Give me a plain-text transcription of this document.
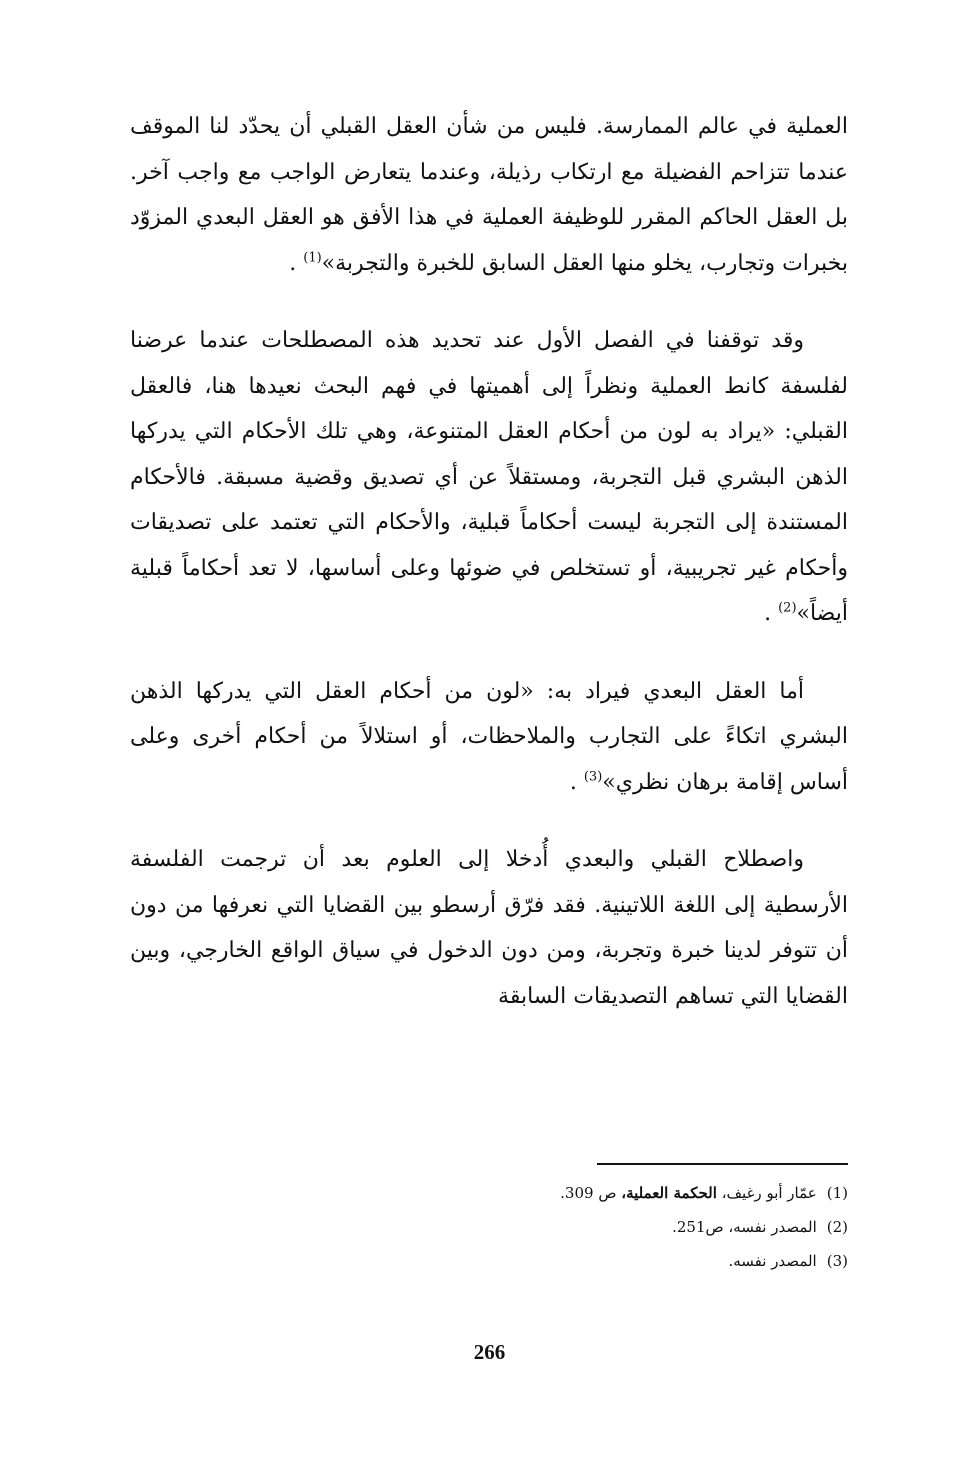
العملية في عالم الممارسة. فليس من شأن العقل القبلي أن يحدّد لنا الموقف عندما تتزاحم الفضيلة مع ارتكاب رذيلة، وعندما يتعارض الواجب مع واجب آخر. بل العقل الحاكم المقرر للوظيفة العملية في هذا الأفق هو العقل البعدي المزوّد بخبرات وتجارب، يخلو منها العقل السابق للخبرة والتجربة»$^{(1)}$ .

وقد توقفنا في الفصل الأول عند تحديد هذه المصطلحات عندما عرضنا لفلسفة كانط العملية ونظراً إلى أهميتها في فهم البحث نعيدها هنا، فالعقل القبلي: «يراد به لون من أحكام العقل المتنوعة، وهي تلك الأحكام التي يدركها الذهن البشري قبل التجربة، ومستقلاً عن أي تصديق وقضية مسبقة. فالأحكام المستندة إلى التجربة ليست أحكاماً قبلية، والأحكام التي تعتمد على تصديقات وأحكام غير تجريبية، أو تستخلص في ضوئها وعلى أساسها، لا تعد أحكاماً قبلية أيضاً»$^{(2)}$ .

أما العقل البعدي فيراد به: «لون من أحكام العقل التي يدركها الذهن البشري اتكاءً على التجارب والملاحظات، أو استلالاً من أحكام أخرى وعلى أساس إقامة برهان نظري»$^{(3)}$ .

واصطلاح القبلي والبعدي أُدخلا إلى العلوم بعد أن ترجمت الفلسفة الأرسطية إلى اللغة اللاتينية. فقد فرّق أرسطو بين القضايا التي نعرفها من دون أن تتوفر لدينا خبرة وتجربة، ومن دون الدخول في سياق الواقع الخارجي، وبين القضايا التي تساهم التصديقات السابقة

(1)عمّار أبو رغيف، الحكمة العملية، ص 309.
(2)المصدر نفسه، ص251.
(3)المصدر نفسه.
266
